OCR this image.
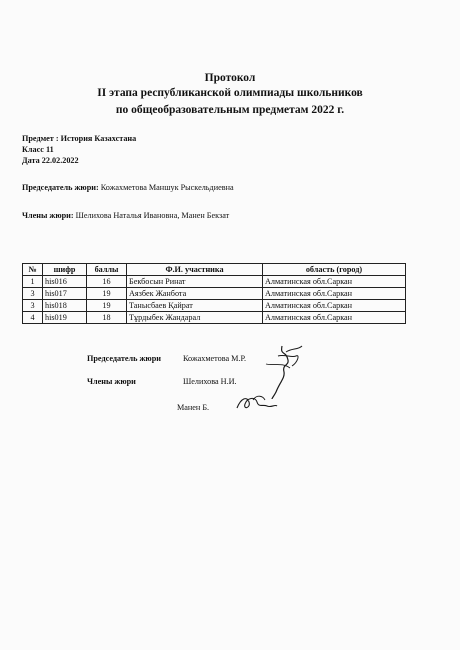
Протокол
II этапа республиканской олимпиады школьников
по общеобразовательным предметам 2022 г.
Предмет : История Казахстана
Класс 11
Дата 22.02.2022
Председатель жюри: Кожахметова Маншук Рыскельдиевна
Члены жюри: Шелихова Наталья Ивановна, Манен Бекзат
№	шифр	баллы	Ф.И. участника	область (город)
1	his016	16	Бекбосын Ринат	Алматинская обл.Саркан
3	his017	19	Аязбек Жанбота	Алматинская обл.Саркан
3	his018	19	Таныcбаев Қайрат	Алматинская обл.Саркан
4	his019	18	Тұрдыбек Жандарал	Алматинская обл.Саркан
Председатель жюри	Кожахметова М.Р.
Члены жюри	Шелихова Н.И.
Манен Б.
